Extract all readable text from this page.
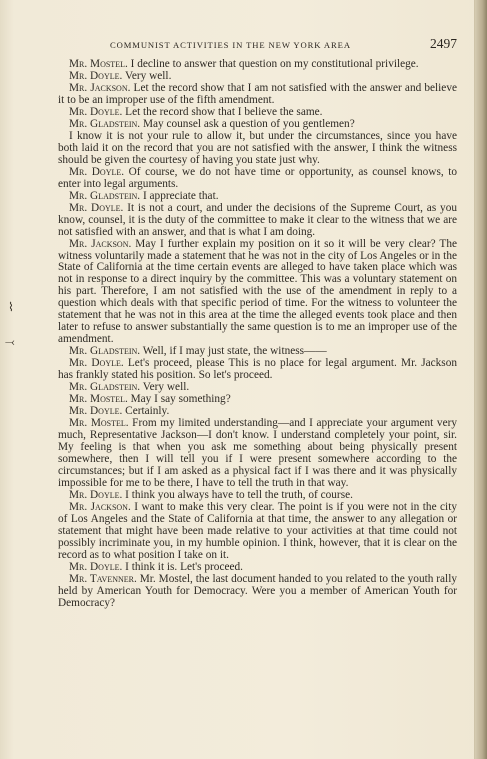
COMMUNIST ACTIVITIES IN THE NEW YORK AREA	2497
⌇
⤙

Mr. Mostel. I decline to answer that question on my constitutional privilege.

Mr. Doyle. Very well.

Mr. Jackson. Let the record show that I am not satisfied with the answer and believe it to be an improper use of the fifth amendment.

Mr. Doyle. Let the record show that I believe the same.

Mr. Gladstein. May counsel ask a question of you gentlemen?

I know it is not your rule to allow it, but under the circumstances, since you have both laid it on the record that you are not satisfied with the answer, I think the witness should be given the courtesy of having you state just why.

Mr. Doyle. Of course, we do not have time or opportunity, as counsel knows, to enter into legal arguments.

Mr. Gladstein. I appreciate that.

Mr. Doyle. It is not a court, and under the decisions of the Supreme Court, as you know, counsel, it is the duty of the committee to make it clear to the witness that we are not satisfied with an answer, and that is what I am doing.

Mr. Jackson. May I further explain my position on it so it will be very clear? The witness voluntarily made a statement that he was not in the city of Los Angeles or in the State of California at the time certain events are alleged to have taken place which was not in response to a direct inquiry by the committee. This was a voluntary statement on his part. Therefore, I am not satisfied with the use of the amendment in reply to a question which deals with that specific period of time. For the witness to volunteer the statement that he was not in this area at the time the alleged events took place and then later to refuse to answer substantially the same question is to me an improper use of the amendment.

Mr. Gladstein. Well, if I may just state, the witness——

Mr. Doyle. Let's proceed, please This is no place for legal argument. Mr. Jackson has frankly stated his position. So let's proceed.

Mr. Gladstein. Very well.

Mr. Mostel. May I say something?

Mr. Doyle. Certainly.

Mr. Mostel. From my limited understanding—and I appreciate your argument very much, Representative Jackson—I don't know. I understand completely your point, sir. My feeling is that when you ask me something about being physically present somewhere, then I will tell you if I were present somewhere according to the circumstances; but if I am asked as a physical fact if I was there and it was physically impossible for me to be there, I have to tell the truth in that way.

Mr. Doyle. I think you always have to tell the truth, of course.

Mr. Jackson. I want to make this very clear. The point is if you were not in the city of Los Angeles and the State of California at that time, the answer to any allegation or statement that might have been made relative to your activities at that time could not possibly incriminate you, in my humble opinion. I think, however, that it is clear on the record as to what position I take on it.

Mr. Doyle. I think it is. Let's proceed.

Mr. Tavenner. Mr. Mostel, the last document handed to you related to the youth rally held by American Youth for Democracy. Were you a member of American Youth for Democracy?
